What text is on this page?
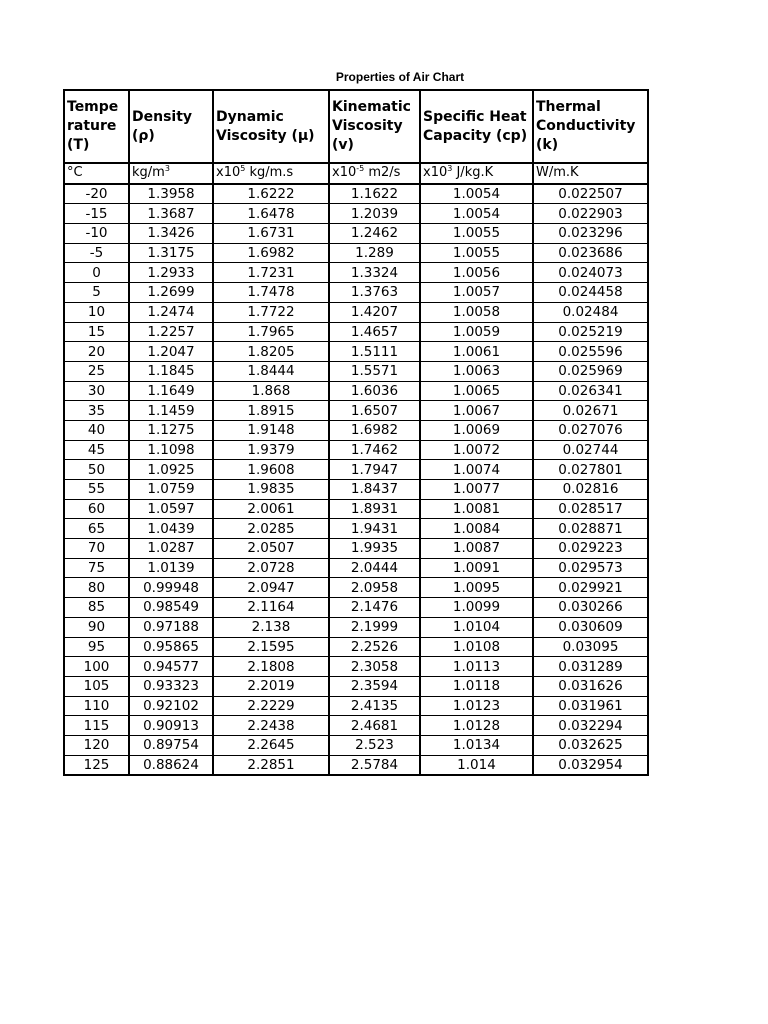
Properties of Air Chart
Tempe rature (T)	Density (ρ)	Dynamic Viscosity (µ)	Kinematic Viscosity (v)	Specific Heat Capacity (cp)	Thermal Conductivity (k)
°C	$kg/m^3$	$x10^5$ kg/m.s	$x10^{-5}$ m2/s	$x10^3$ J/kg.K	W/m.K
-20	1.3958	1.6222	1.1622	1.0054	0.022507
-15	1.3687	1.6478	1.2039	1.0054	0.022903
-10	1.3426	1.6731	1.2462	1.0055	0.023296
-5	1.3175	1.6982	1.289	1.0055	0.023686
0	1.2933	1.7231	1.3324	1.0056	0.024073
5	1.2699	1.7478	1.3763	1.0057	0.024458
10	1.2474	1.7722	1.4207	1.0058	0.02484
15	1.2257	1.7965	1.4657	1.0059	0.025219
20	1.2047	1.8205	1.5111	1.0061	0.025596
25	1.1845	1.8444	1.5571	1.0063	0.025969
30	1.1649	1.868	1.6036	1.0065	0.026341
35	1.1459	1.8915	1.6507	1.0067	0.02671
40	1.1275	1.9148	1.6982	1.0069	0.027076
45	1.1098	1.9379	1.7462	1.0072	0.02744
50	1.0925	1.9608	1.7947	1.0074	0.027801
55	1.0759	1.9835	1.8437	1.0077	0.02816
60	1.0597	2.0061	1.8931	1.0081	0.028517
65	1.0439	2.0285	1.9431	1.0084	0.028871
70	1.0287	2.0507	1.9935	1.0087	0.029223
75	1.0139	2.0728	2.0444	1.0091	0.029573
80	0.99948	2.0947	2.0958	1.0095	0.029921
85	0.98549	2.1164	2.1476	1.0099	0.030266
90	0.97188	2.138	2.1999	1.0104	0.030609
95	0.95865	2.1595	2.2526	1.0108	0.03095
100	0.94577	2.1808	2.3058	1.0113	0.031289
105	0.93323	2.2019	2.3594	1.0118	0.031626
110	0.92102	2.2229	2.4135	1.0123	0.031961
115	0.90913	2.2438	2.4681	1.0128	0.032294
120	0.89754	2.2645	2.523	1.0134	0.032625
125	0.88624	2.2851	2.5784	1.014	0.032954
